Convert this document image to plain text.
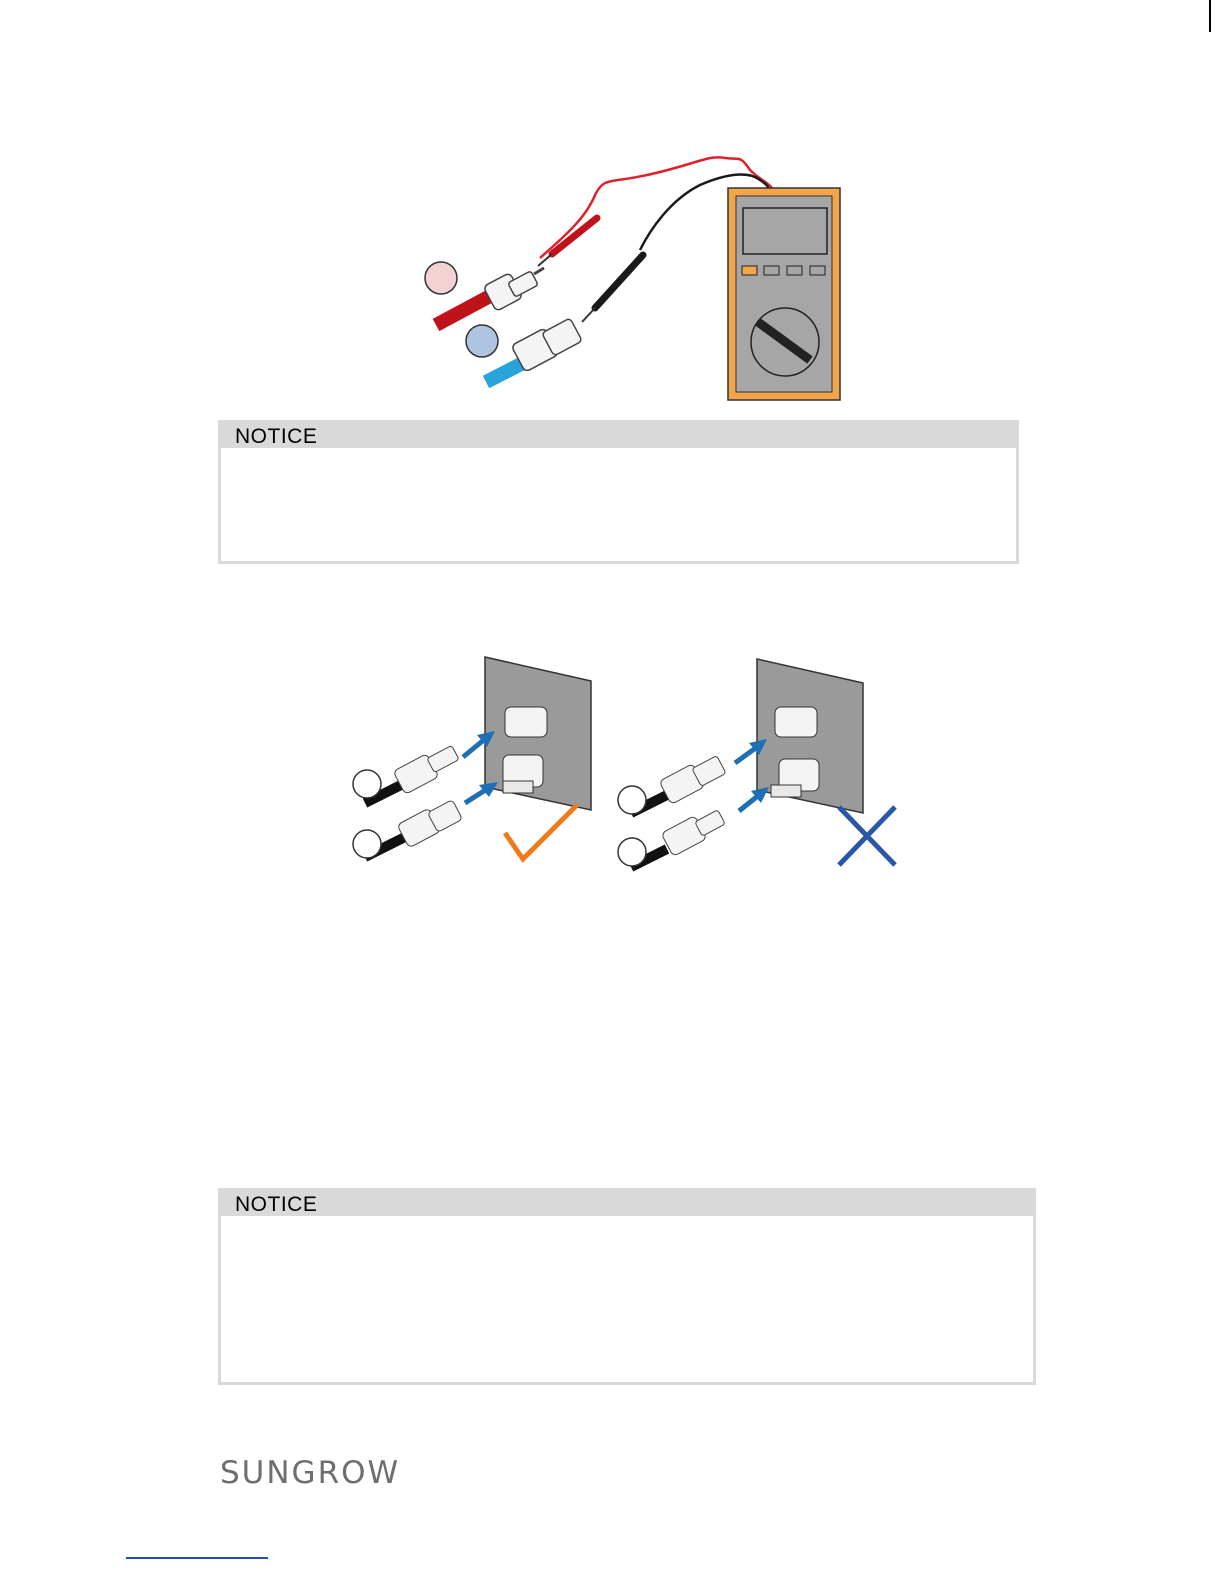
NOTICE
NOTICE
SUNGROW
